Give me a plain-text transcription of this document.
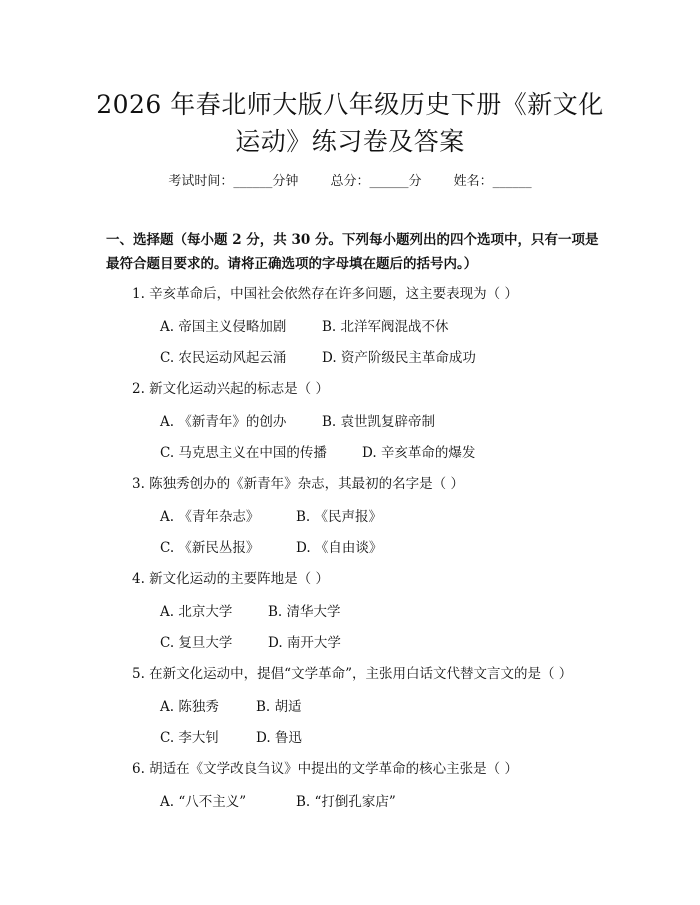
2026 年春北师大版八年级历史下册《新文化
运动》练习卷及答案
考试时间：______分钟 总分：______分 姓名：______
一、选择题（每小题 2 分，共 30 分。下列每小题列出的四个选项中，只有一项是
最符合题目要求的。请将正确选项的字母填在题后的括号内。）
1. 辛亥革命后，中国社会依然存在许多问题，这主要表现为（ ）
A. 帝国主义侵略加剧	B. 北洋军阀混战不休
C. 农民运动风起云涌	D. 资产阶级民主革命成功
2. 新文化运动兴起的标志是（ ）
A. 《新青年》的创办	B. 袁世凯复辟帝制
C. 马克思主义在中国的传播	D. 辛亥革命的爆发
3. 陈独秀创办的《新青年》杂志，其最初的名字是（ ）
A. 《青年杂志》	B. 《民声报》
C. 《新民丛报》	D. 《自由谈》
4. 新文化运动的主要阵地是（ ）
A. 北京大学	B. 清华大学
C. 复旦大学	D. 南开大学
5. 在新文化运动中，提倡“文学革命”，主张用白话文代替文言文的是（ ）
A. 陈独秀	B. 胡适
C. 李大钊	D. 鲁迅
6. 胡适在《文学改良刍议》中提出的文学革命的核心主张是（ ）
A. “八不主义”	B. “打倒孔家店”
